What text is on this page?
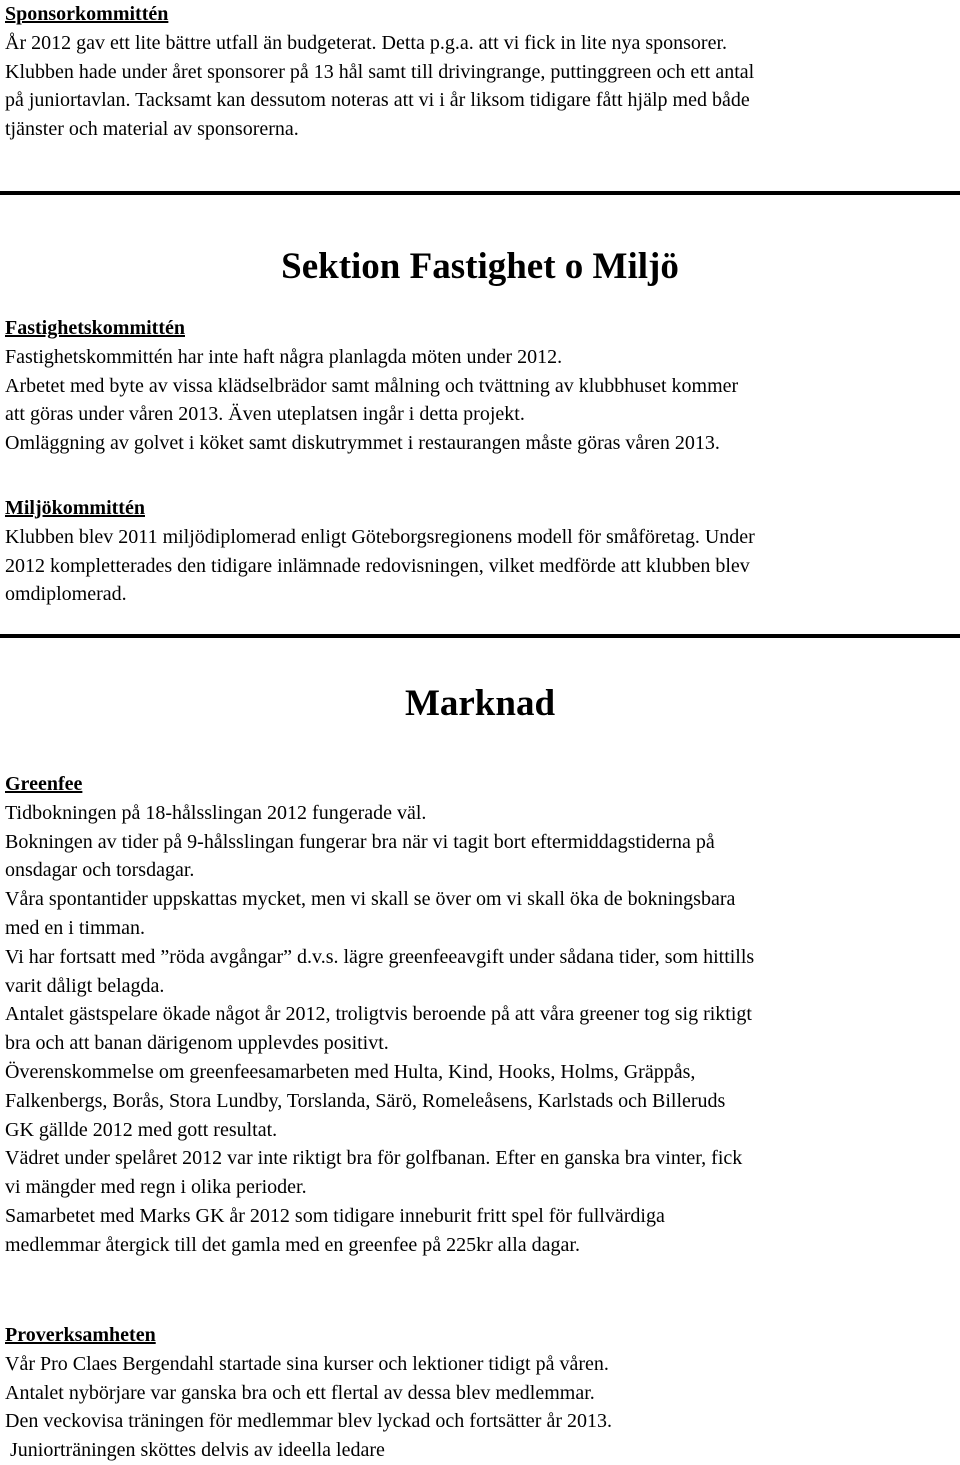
Sponsorkommittén

År 2012 gav ett lite bättre utfall än budgeterat. Detta p.g.a. att vi fick in lite nya sponsorer.

Klubben hade under året sponsorer på 13 hål samt till drivingrange, puttinggreen och ett antal

på juniortavlan. Tacksamt kan dessutom noteras att vi i år liksom tidigare fått hjälp med både

tjänster och material av sponsorerna.

Sektion Fastighet o Miljö
Fastighetskommittén

Fastighetskommittén har inte haft några planlagda möten under 2012.

Arbetet med byte av vissa klädselbrädor samt målning och tvättning av klubbhuset kommer

att göras under våren 2013. Även uteplatsen ingår i detta projekt.

Omläggning av golvet i köket samt diskutrymmet i restaurangen måste göras våren 2013.

Miljökommittén

Klubben blev 2011 miljödiplomerad enligt Göteborgsregionens modell för småföretag. Under

2012 kompletterades den tidigare inlämnade redovisningen, vilket medförde att klubben blev

omdiplomerad.

Marknad
Greenfee

Tidbokningen på 18-hålsslingan 2012 fungerade väl.

Bokningen av tider på 9-hålsslingan fungerar bra när vi tagit bort eftermiddagstiderna på

onsdagar och torsdagar.

Våra spontantider uppskattas mycket, men vi skall se över om vi skall öka de bokningsbara

med en i timman.

Vi har fortsatt med ”röda avgångar” d.v.s. lägre greenfeeavgift under sådana tider, som hittills

varit dåligt belagda.

Antalet gästspelare ökade något år 2012, troligtvis beroende på att våra greener tog sig riktigt

bra och att banan därigenom upplevdes positivt.

Överenskommelse om greenfeesamarbeten med Hulta, Kind, Hooks, Holms, Gräppås,

Falkenbergs, Borås, Stora Lundby, Torslanda, Särö, Romeleåsens, Karlstads och Billeruds

GK gällde 2012 med gott resultat.

Vädret under spelåret 2012 var inte riktigt bra för golfbanan. Efter en ganska bra vinter, fick

vi mängder med regn i olika perioder.

Samarbetet med Marks GK år 2012 som tidigare inneburit fritt spel för fullvärdiga

medlemmar återgick till det gamla med en greenfee på 225kr alla dagar.

Proverksamheten

Vår Pro Claes Bergendahl startade sina kurser och lektioner tidigt på våren.

Antalet nybörjare var ganska bra och ett flertal av dessa blev medlemmar.

Den veckovisa träningen för medlemmar blev lyckad och fortsätter år 2013.

Juniorträningen sköttes delvis av ideella ledare
